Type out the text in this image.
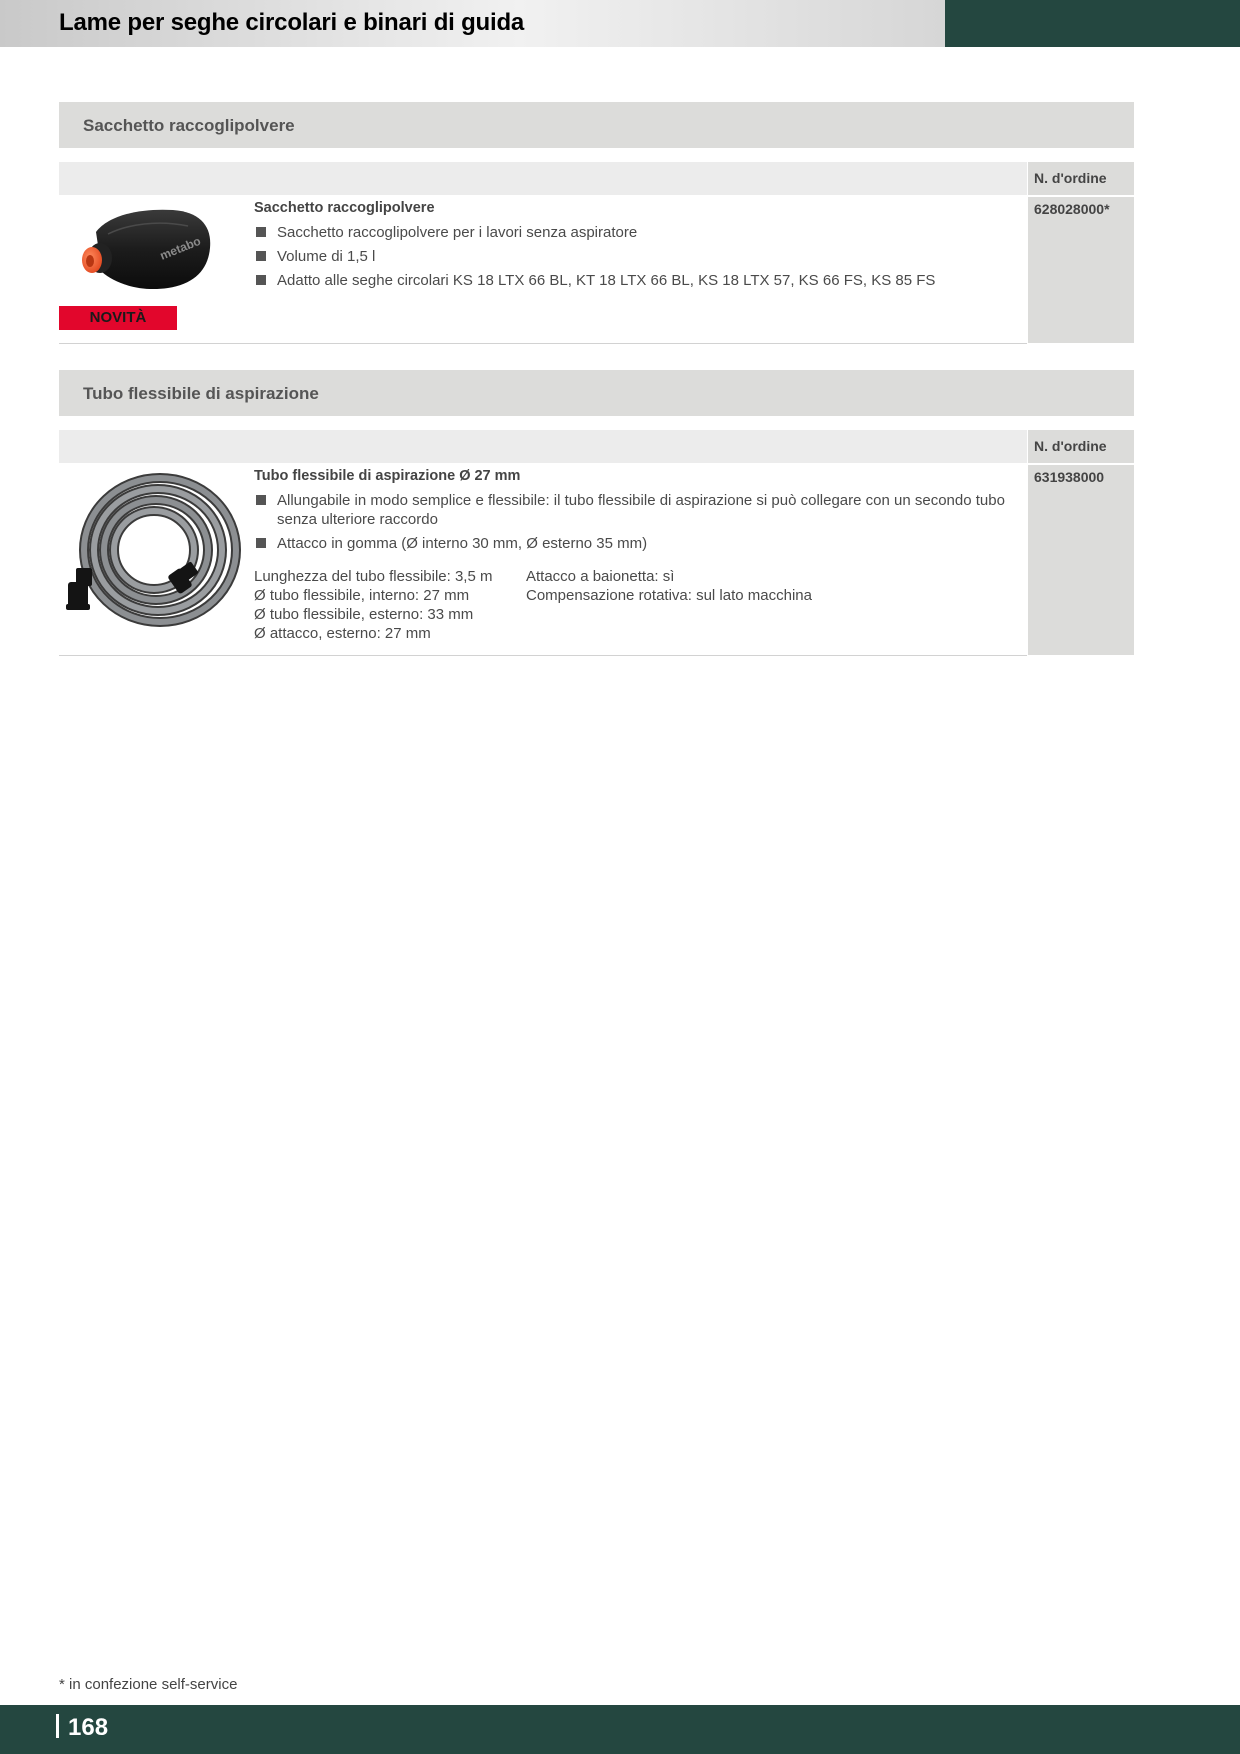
Lame per seghe circolari e binari di guida
Sacchetto raccoglipolvere
N. d'ordine
metabo
NOVITÀ
Sacchetto raccoglipolvere
Sacchetto raccoglipolvere per i lavori senza aspiratore
Volume di 1,5 l
Adatto alle seghe circolari KS 18 LTX 66 BL, KT 18 LTX 66 BL, KS 18 LTX 57, KS 66 FS, KS 85 FS
628028000*
Tubo flessibile di aspirazione
N. d'ordine
Tubo flessibile di aspirazione Ø 27 mm
Allungabile in modo semplice e flessibile: il tubo flessibile di aspirazione si può collegare con un secondo tubo senza ulteriore raccordo
Attacco in gomma (Ø interno 30 mm, Ø esterno 35 mm)
Lunghezza del tubo flessibile: 3,5 m
Ø tubo flessibile, interno: 27 mm
Ø tubo flessibile, esterno: 33 mm
Ø attacco, esterno: 27 mm
Attacco a baionetta: sì
Compensazione rotativa: sul lato macchina
631938000
* in confezione self-service
168
